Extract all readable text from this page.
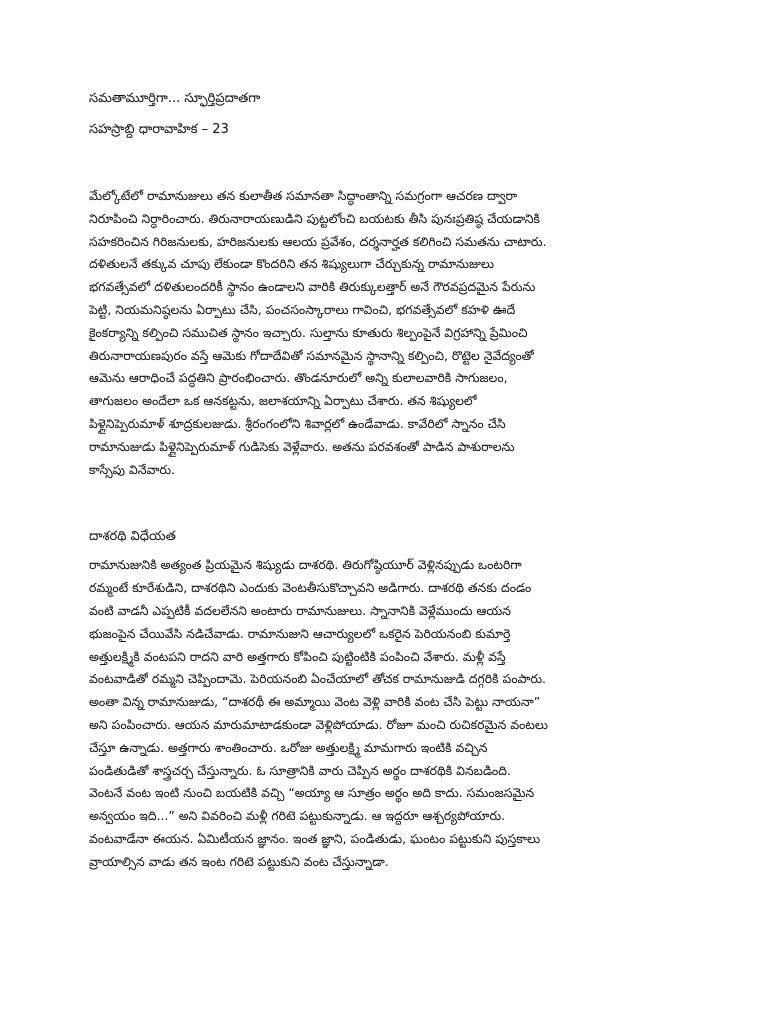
సమతామూర్తిగా... స్ఫూర్తిప్రదాతగా

సహస్రాబ్ది ధారావాహిక – 23

మేల్కోటేలో రామానుజులు తన కులాతీత సమానతా సిద్ధాంతాన్ని సమగ్రంగా ఆచరణ ద్వారా
నిరూపించి నిర్ధారించారు. తిరునారాయణుడిని పుట్టలోంచి బయటకు తీసి పునఃప్రతిష్ఠ చేయడానికి
సహకరించిన గిరిజనులకు, హరిజనులకు ఆలయ ప్రవేశం, దర్శనార్హత కలిగించి సమతను చాటారు.
దళితులనే తక్కువ చూపు లేకుండా కొందరిని తన శిష్యులుగా చేర్చుకున్న రామానుజులు
భగవత్సేవలో దళితులందరికీ స్థానం ఉండాలని వారికి తిరుక్కులత్తార్ అనే గౌరవప్రదమైన పేరును
పెట్టి, నియమనిష్ఠలను ఏర్పాటు చేసి, పంచసంస్కారాలు గావించి, భగవత్సేవలో కహళి ఊదే
కైంకర్యాన్ని కల్పించి సముచిత స్థానం ఇచ్చారు. సుల్తాను కూతురు శిల్పంపైనే విగ్రహాన్ని ప్రేమించి
తిరునారాయణపురం వస్తే ఆమెకు గోదాదేవితో సమానమైన స్థానాన్ని కల్పించి, రొట్టెల నైవేద్యంతో
ఆమెను ఆరాధించే పద్ధతిని ప్రారంభించారు. తొండనూరులో అన్ని కులాలవారికి సాగుజలం,
తాగుజలం అందేలా ఒక ఆనకట్టను, జలాశయాన్ని ఏర్పాటు చేశారు. తన శిష్యులలో
పిళ్లైనిప్పెరుమాళ్ శూద్రకులజుడు. శ్రీరంగంలోని శివార్లలో ఉండేవాడు. కావేరిలో స్నానం చేసి
రామానుజుడు పిళ్లైనిప్పెరుమాళ్ గుడిసెకు వెళ్లేవారు. అతను పరవశంతో పాడిన పాశురాలను
కాస్సేపు వినేవారు.

దాశరథి విధేయత

రామానుజునికి అత్యంత ప్రియమైన శిష్యుడు దాశరథి. తిరుగోష్ఠియూర్ వెళ్లినప్పుడు ఒంటరిగా
రమ్మంటే కూరేశుడిని, దాశరథిని ఎందుకు వెంటతీసుకొచ్చావని అడిగారు. దాశరథి తనకు దండం
వంటి వాడనీ ఎప్పటికీ వదలలేనని అంటారు రామానుజులు. స్నానానికి వెళ్లేముందు ఆయన
భుజంపైన చేయివేసి నడిచేవాడు. రామానుజుని ఆచార్యులలో ఒకరైన పెరియనంబి కుమార్తె
అత్తులక్ష్మికి వంటపని రాదని వారి అత్తగారు కోపించి పుట్టింటికి పంపించి వేశారు. మళ్లీ వస్తే
వంటవాడితో రమ్మని చెప్పిందామె. పెరియనంబి ఏంచేయాలో తోచక రామానుజుడి దగ్గరికి పంపారు.
అంతా విన్న రామానుజుడు, “దాశరథీ ఈ అమ్మాయి వెంట వెళ్లి వారికి వంట చేసి పెట్టు నాయనా”
అని పంపించారు. ఆయన మారుమాటాడకుండా వెళ్లిపోయాడు. రోజూ మంచి రుచికరమైన వంటలు
చేస్తూ ఉన్నాడు. అత్తగారు శాంతించారు. ఒరోజు అత్తులక్ష్మి మామగారు ఇంటికి వచ్చిన
పండితుడితో శాస్త్రచర్చ చేస్తున్నారు. ఓ సూత్రానికి వారు చెప్పిన అర్థం దాశరథికి వినబడింది.
వెంటనే వంట ఇంటి నుంచి బయటికి వచ్చి “అయ్యా ఆ సూత్రం అర్థం అది కాదు. సమంజసమైన
అన్వయం ఇది...” అని వివరించి మళ్లీ గరిటె పట్టుకున్నాడు. ఆ ఇద్దరూ ఆశ్చర్యపోయారు.
వంటవాడేనా ఈయన. ఏమిటీయన జ్ఞానం. ఇంత జ్ఞాని, పండితుడు, ఘంటం పట్టుకుని పుస్తకాలు
వ్రాయాల్సిన వాడు తన ఇంట గరిటె పట్టుకుని వంట చేస్తున్నాడా.
